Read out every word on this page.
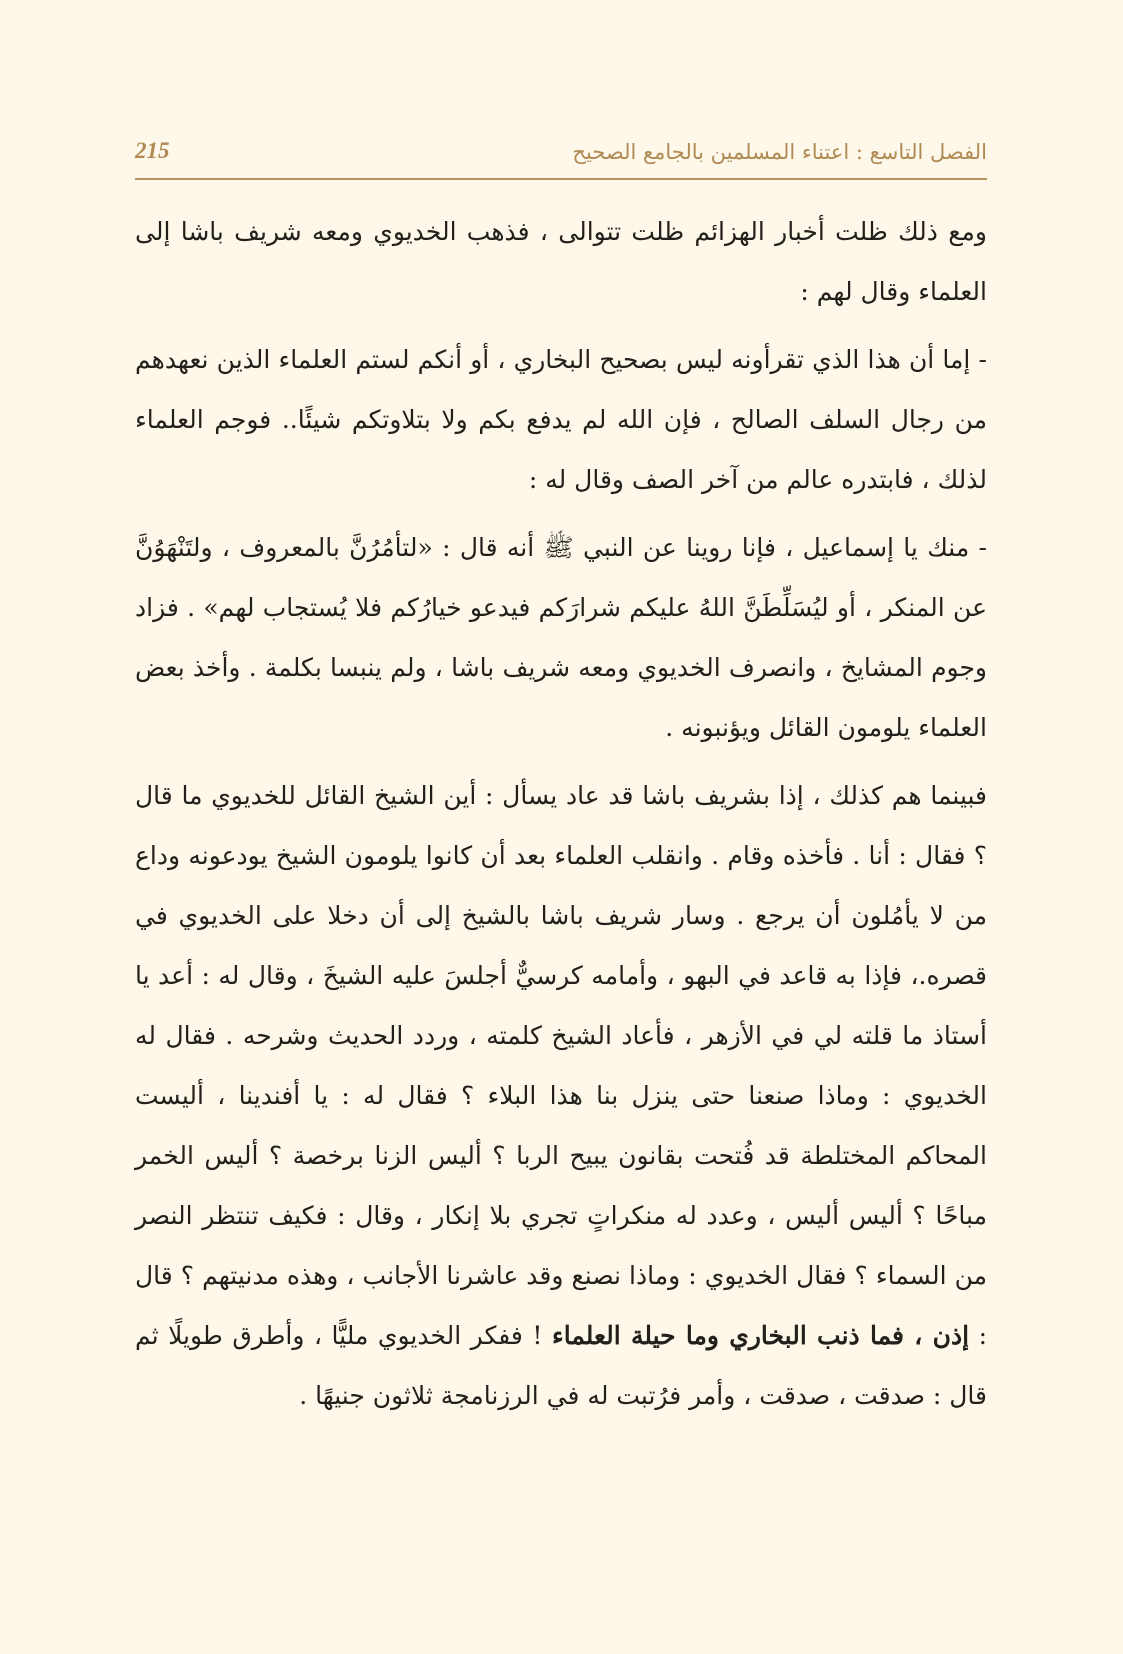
الفصل التاسع : اعتناء المسلمين بالجامع الصحيح
215

ومع ذلك ظلت أخبار الهزائم ظلت تتوالى ، فذهب الخديوي ومعه شريف باشا إلى العلماء وقال لهم :

- إما أن هذا الذي تقرأونه ليس بصحيح البخاري ، أو أنكم لستم العلماء الذين نعهدهم من رجال السلف الصالح ، فإن الله لم يدفع بكم ولا بتلاوتكم شيئًا.. فوجم العلماء لذلك ، فابتدره عالم من آخر الصف وقال له :

- منك يا إسماعيل ، فإنا روينا عن النبي ﷺ أنه قال : «لتأمُرُنَّ بالمعروف ، ولتَنْهَوُنَّ عن المنكر ، أو ليُسَلِّطَنَّ اللهُ عليكم شرارَكم فيدعو خيارُكم فلا يُستجاب لهم» . فزاد وجوم المشايخ ، وانصرف الخديوي ومعه شريف باشا ، ولم ينبسا بكلمة . وأخذ بعض العلماء يلومون القائل ويؤنبونه .

فبينما هم كذلك ، إذا بشريف باشا قد عاد يسأل : أين الشيخ القائل للخديوي ما قال ؟ فقال : أنا . فأخذه وقام . وانقلب العلماء بعد أن كانوا يلومون الشيخ يودعونه وداع من لا يأمُلون أن يرجع . وسار شريف باشا بالشيخ إلى أن دخلا على الخديوي في قصره.، فإذا به قاعد في البهو ، وأمامه كرسيٌّ أجلسَ عليه الشيخَ ، وقال له : أعد يا أستاذ ما قلته لي في الأزهر ، فأعاد الشيخ كلمته ، وردد الحديث وشرحه . فقال له الخديوي : وماذا صنعنا حتى ينزل بنا هذا البلاء ؟ فقال له : يا أفندينا ، أليست المحاكم المختلطة قد فُتحت بقانون يبيح الربا ؟ أليس الزنا برخصة ؟ أليس الخمر مباحًا ؟ أليس أليس ، وعدد له منكراتٍ تجري بلا إنكار ، وقال : فكيف تنتظر النصر من السماء ؟ فقال الخديوي : وماذا نصنع وقد عاشرنا الأجانب ، وهذه مدنيتهم ؟ قال : إذن ، فما ذنب البخاري وما حيلة العلماء ! ففكر الخديوي مليًّا ، وأطرق طويلًا ثم قال : صدقت ، صدقت ، وأمر فرُتبت له في الرزنامجة ثلاثون جنيهًا .
